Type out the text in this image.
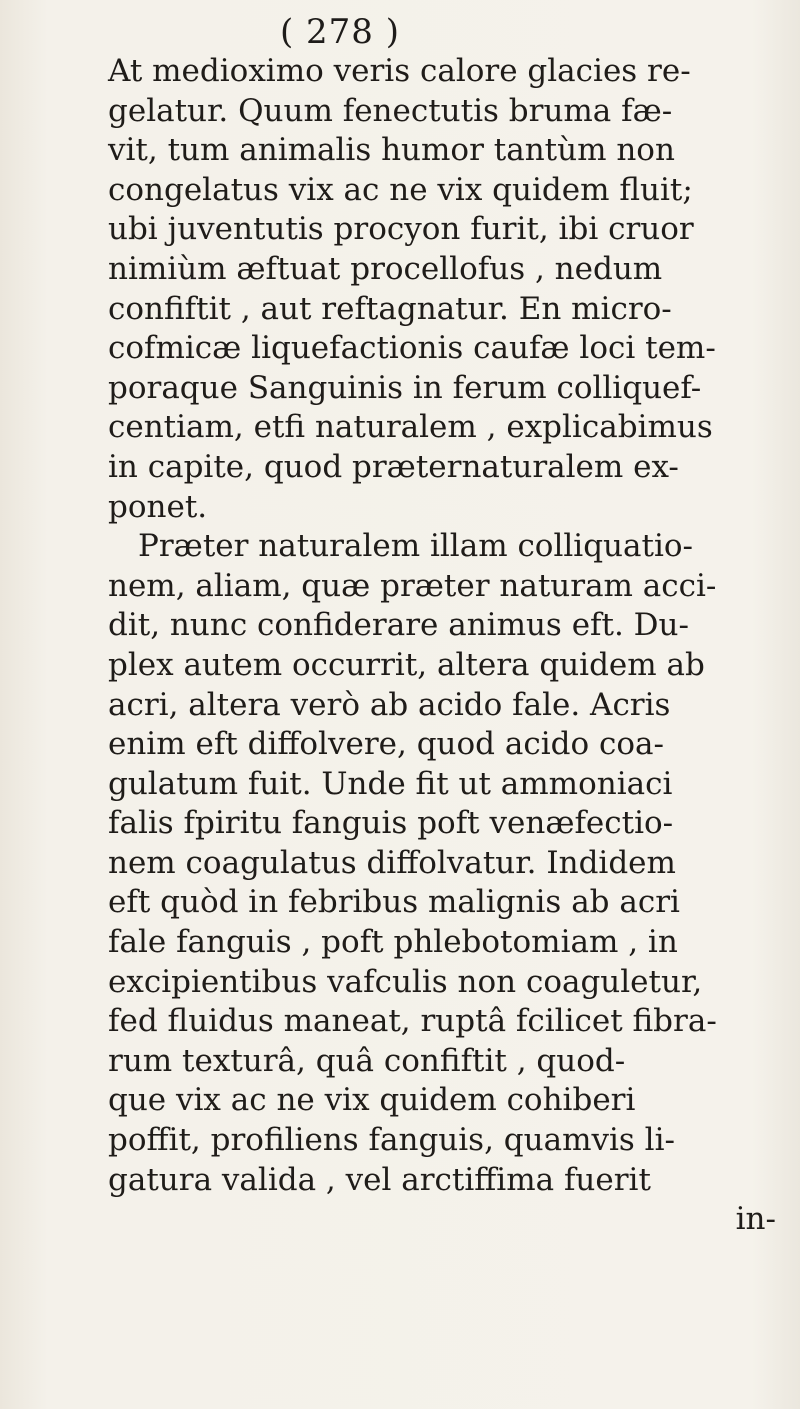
( 278 )
At medioximo veris calore glacies re-
gelatur. Quum fenectutis bruma fæ-
vit, tum animalis humor tantùm non
congelatus vix ac ne vix quidem fluit;
ubi juventutis procyon furit, ibi cruor
nimiùm æftuat procellofus , nedum
confiftit , aut reftagnatur. En micro-
cofmicæ liquefactionis caufæ loci tem-
poraque Sanguinis in ferum colliquef-
centiam, etfi naturalem , explicabimus
in capite, quod præternaturalem ex-
ponet.
Præter naturalem illam colliquatio-
nem, aliam, quæ præter naturam acci-
dit, nunc confiderare animus eft. Du-
plex autem occurrit, altera quidem ab
acri, altera verò ab acido fale. Acris
enim eft diffolvere, quod acido coa-
gulatum fuit. Unde fit ut ammoniaci
falis fpiritu fanguis poft venæfectio-
nem coagulatus diffolvatur. Indidem
eft quòd in febribus malignis ab acri
fale fanguis , poft phlebotomiam , in
excipientibus vafculis non coaguletur,
fed fluidus maneat, ruptâ fcilicet fibra-
rum texturâ, quâ confiftit , quod-
que vix ac ne vix quidem cohiberi
poffit, profiliens fanguis, quamvis li-
gatura valida , vel arctiffima fuerit
in-
